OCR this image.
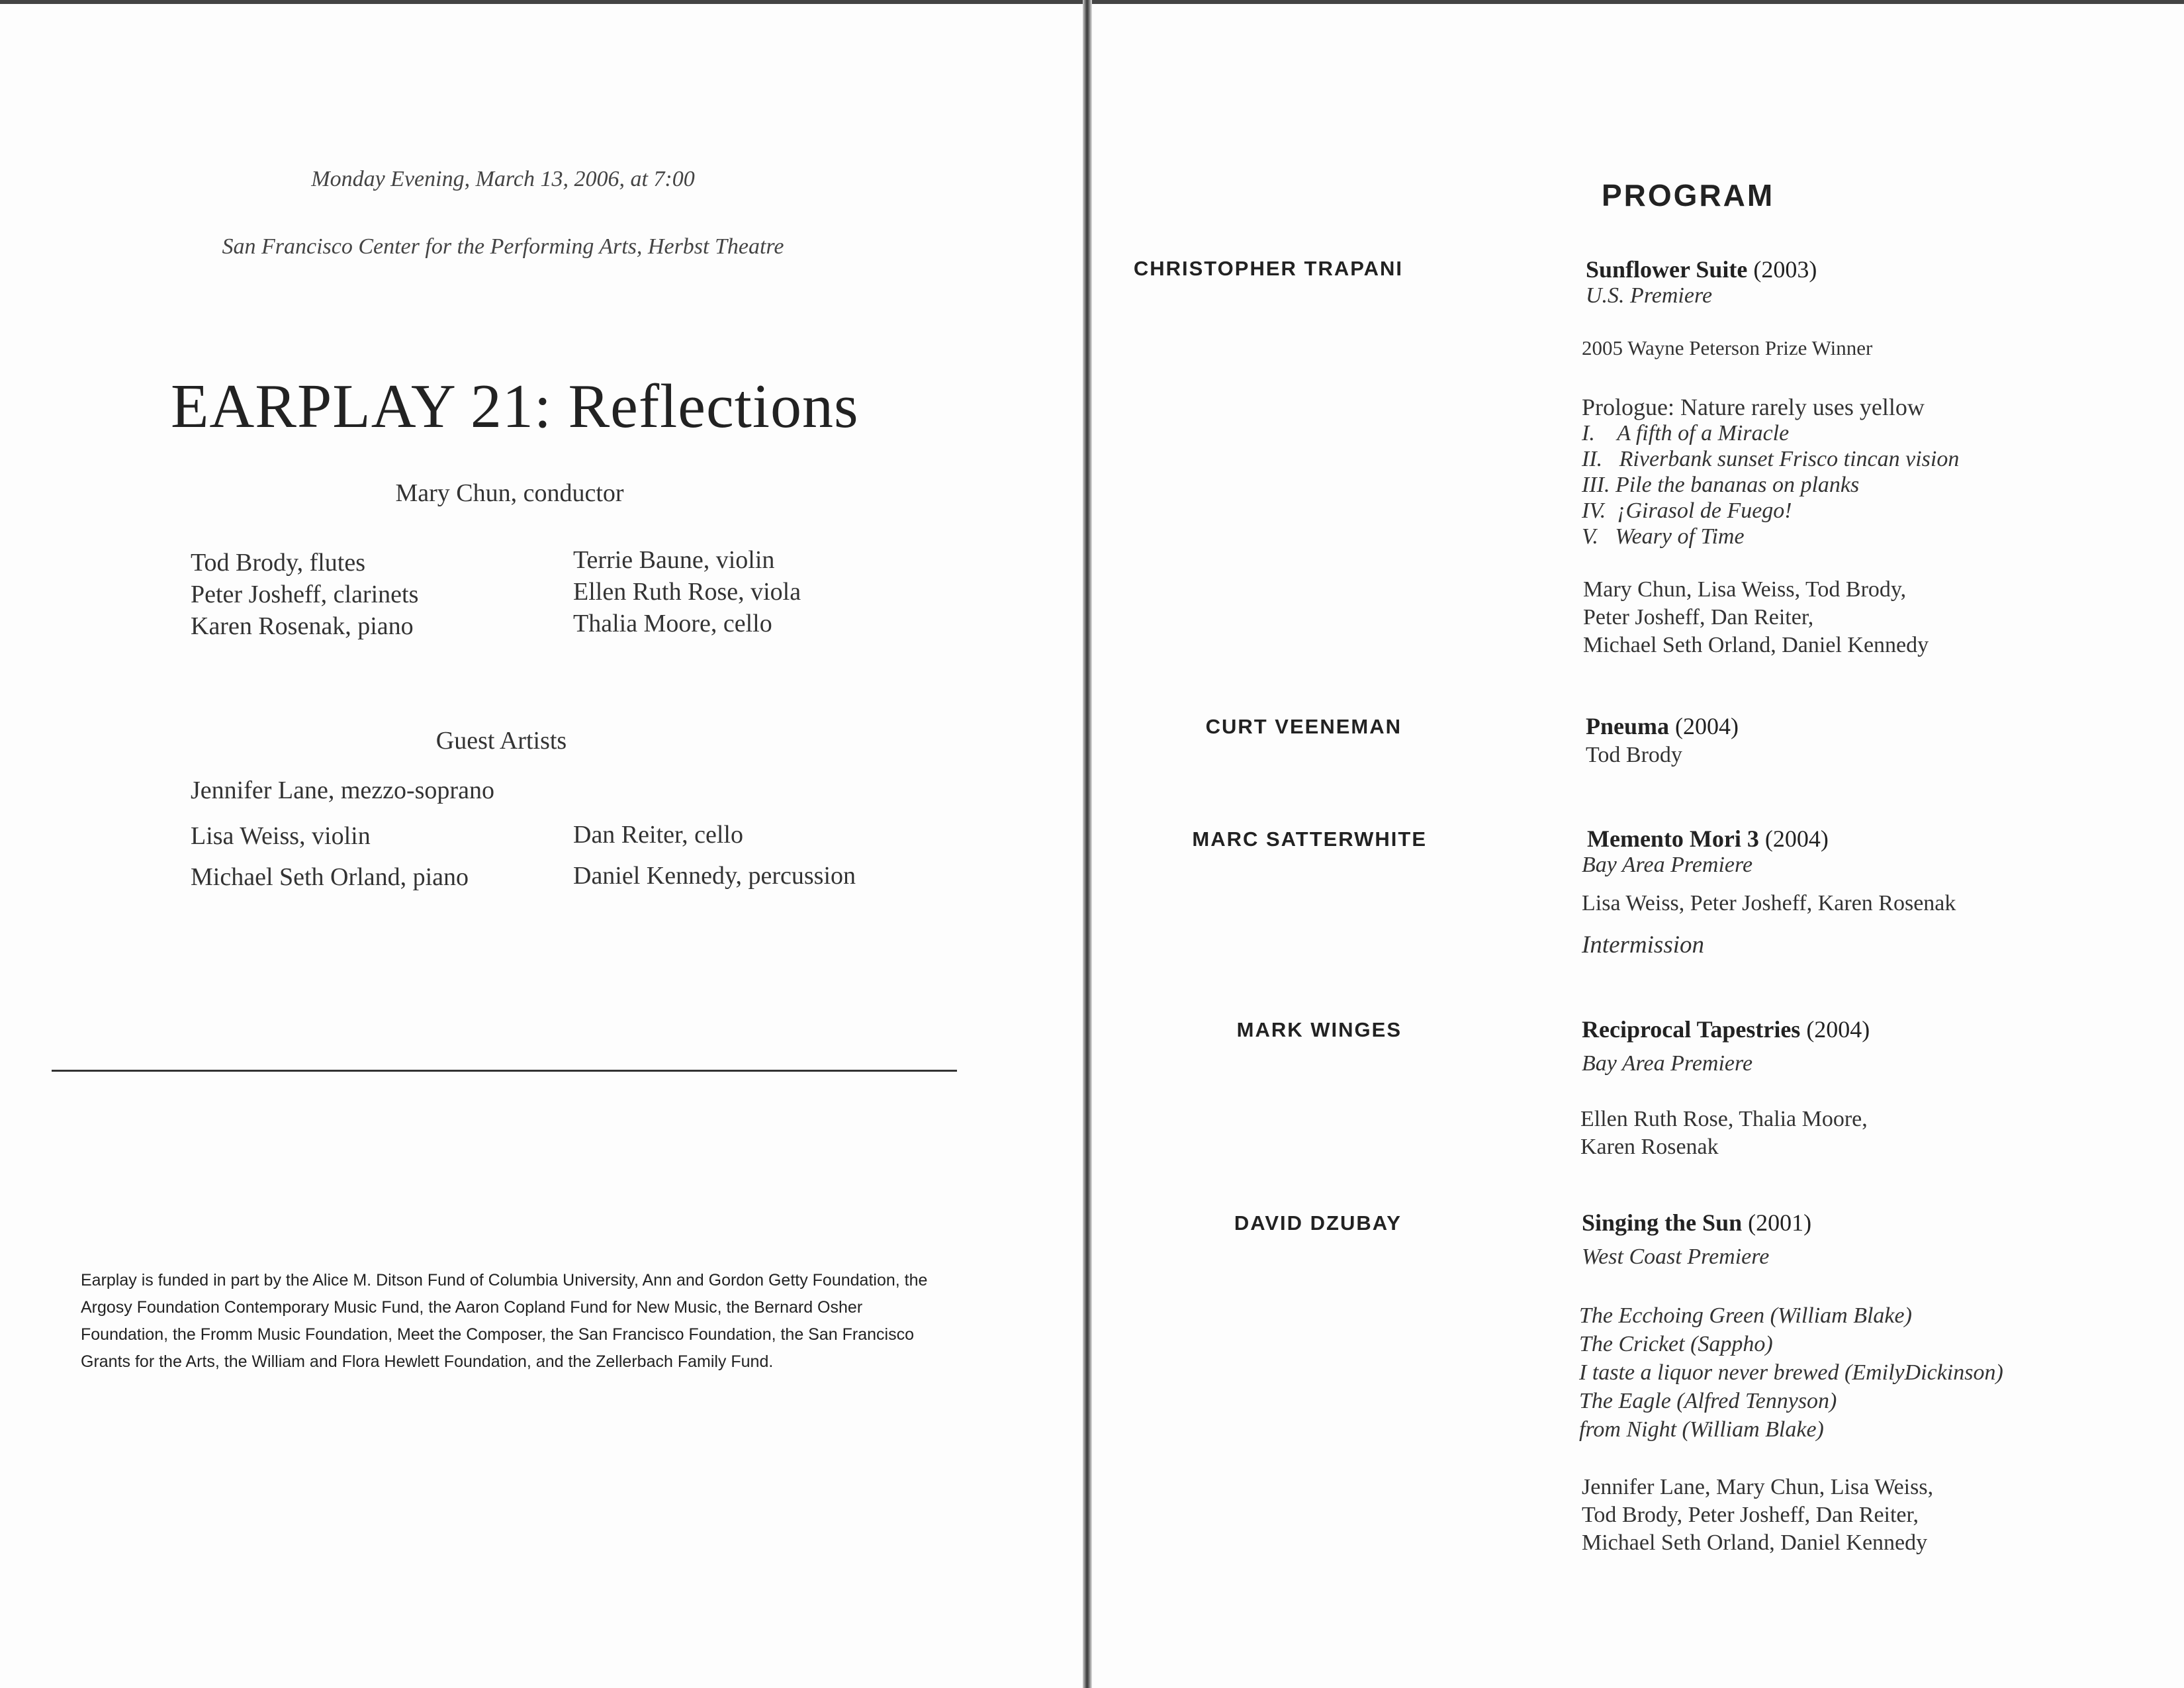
Monday Evening, March 13, 2006, at 7:00
San Francisco Center for the Performing Arts, Herbst Theatre
EARPLAY 21: Reflections
Mary Chun, conductor
Tod Brody, flutes
Peter Josheff, clarinets
Karen Rosenak, piano
Terrie Baune, violin
Ellen Ruth Rose, viola
Thalia Moore, cello
Guest Artists
Jennifer Lane, mezzo-soprano
Lisa Weiss, violin
Michael Seth Orland, piano
Dan Reiter, cello
Daniel Kennedy, percussion
Earplay is funded in part by the Alice M. Ditson Fund of Columbia University, Ann and Gordon Getty Foundation, the Argosy Foundation Contemporary Music Fund, the Aaron Copland Fund for New Music, the Bernard Osher Foundation, the Fromm Music Foundation, Meet the Composer, the San Francisco Foundation, the San Francisco Grants for the Arts, the William and Flora Hewlett Foundation, and the Zellerbach Family Fund.
PROGRAM
CHRISTOPHER TRAPANI	Sunflower Suite (2003)
U.S. Premiere
2005 Wayne Peterson Prize Winner
Prologue: Nature rarely uses yellow
I.    A fifth of a Miracle
II.   Riverbank sunset Frisco tincan vision
III. Pile the bananas on planks
IV.  ¡Girasol de Fuego!
V.   Weary of Time
Mary Chun, Lisa Weiss, Tod Brody,
Peter Josheff, Dan Reiter,
Michael Seth Orland, Daniel Kennedy
CURT VEENEMAN	Pneuma (2004)
Tod Brody
MARC SATTERWHITE	Memento Mori 3 (2004)
Bay Area Premiere
Lisa Weiss, Peter Josheff, Karen Rosenak
Intermission
MARK WINGES	Reciprocal Tapestries (2004)
Bay Area Premiere
Ellen Ruth Rose, Thalia Moore,
Karen Rosenak
DAVID DZUBAY	Singing the Sun (2001)
West Coast Premiere
The Ecchoing Green (William Blake)
The Cricket (Sappho)
I taste a liquor never brewed (EmilyDickinson)
The Eagle (Alfred Tennyson)
from Night (William Blake)
Jennifer Lane, Mary Chun, Lisa Weiss,
Tod Brody, Peter Josheff, Dan Reiter,
Michael Seth Orland, Daniel Kennedy
